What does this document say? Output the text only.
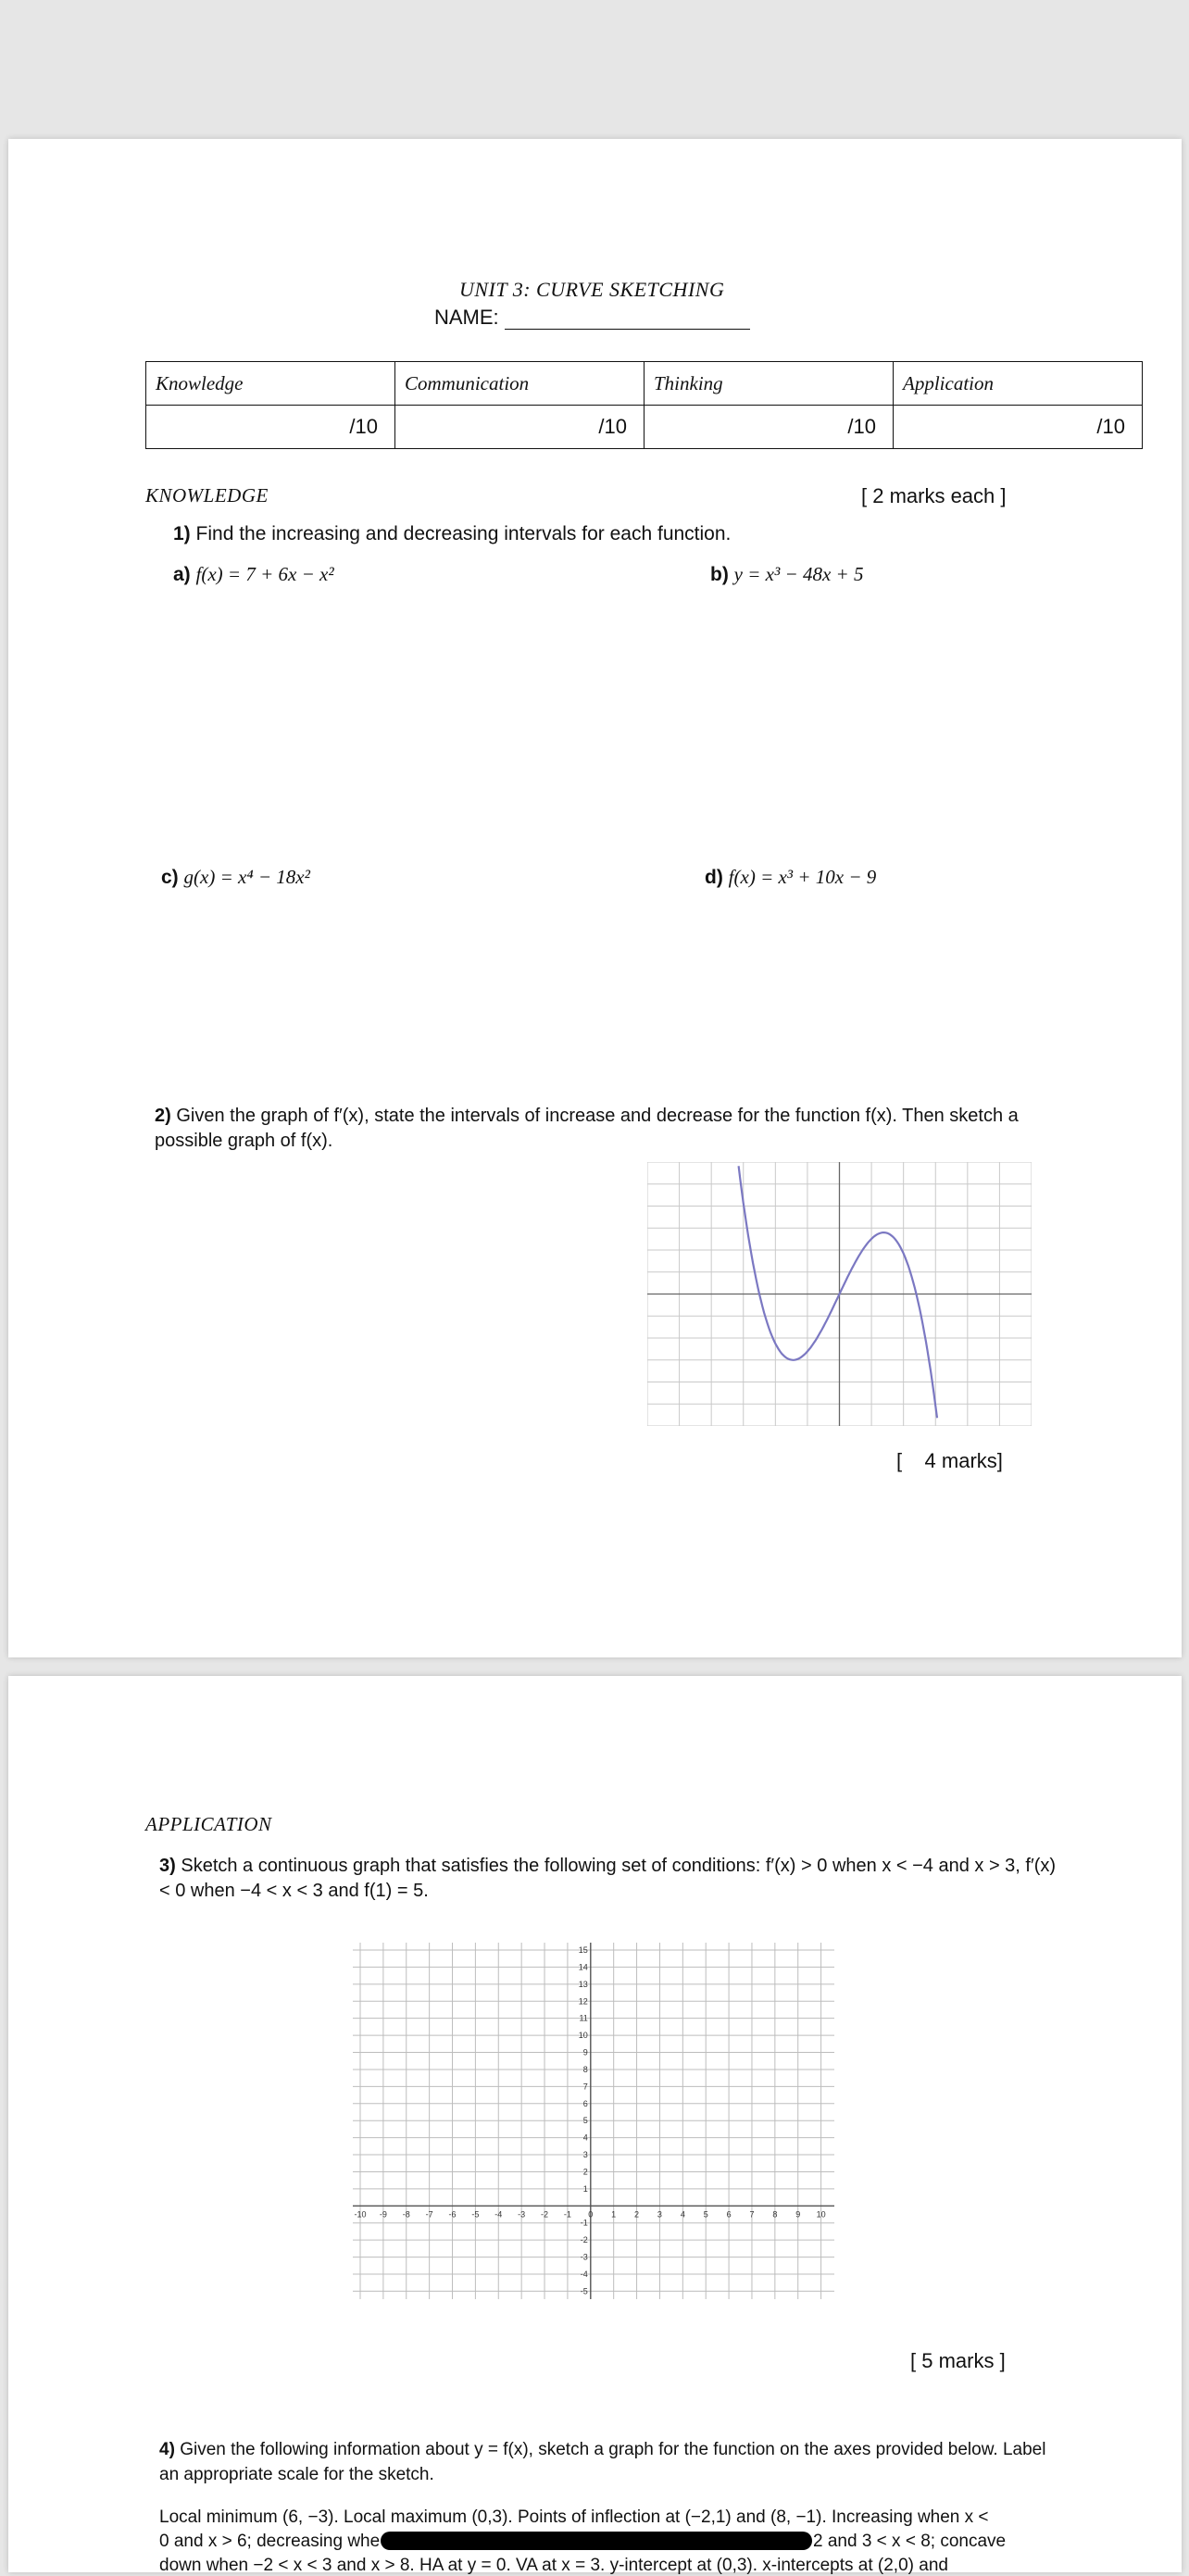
UNIT 3: CURVE SKETCHING
NAME:
Knowledge	Communication	Thinking	Application
/10	/10	/10	/10
KNOWLEDGE	[ 2 marks each ]
1) Find the increasing and decreasing intervals for each function.
a) f(x) = 7 + 6x − x²	b) y = x³ − 48x + 5
c) g(x) = x⁴ − 18x²	d) f(x) = x³ + 10x − 9
2) Given the graph of f′(x), state the intervals of increase and decrease for the function f(x). Then sketch a possible graph of f(x).
[    4 marks]
APPLICATION
3) Sketch a continuous graph that satisfies the following set of conditions: f′(x) > 0 when x < −4 and x > 3, f′(x) < 0 when −4 < x < 3 and f(1) = 5.
-10 -9 -8 -7 -6 -5 -4 -3 -2 -1 0 1 2 3 4 5 6 7 8 9 10
1
2
3
4
5
6
7
8
9
10
11
12
13
14
15
-1
-2
-3
-4
-5
[ 5 marks ]
4) Given the following information about y = f(x), sketch a graph for the function on the axes provided below. Label an appropriate scale for the sketch.
Local minimum (6, −3). Local maximum (0,3). Points of inflection at (−2,1) and (8, −1). Increasing when x <
0 and x > 6; decreasing whe	2 and 3 < x < 8; concave
down when −2 < x < 3 and x > 8. HA at y = 0. VA at x = 3. y-intercept at (0,3). x-intercepts at (2,0) and
